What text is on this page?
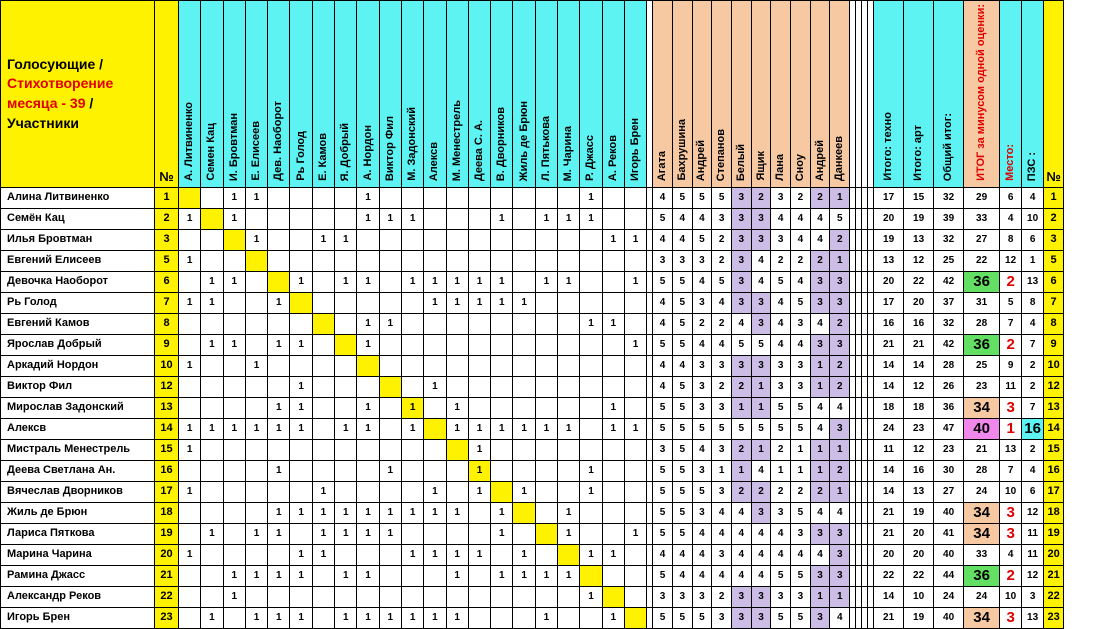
Голосующие / Стихотворение месяца - 39 / Участники	№	А. Литвиненко	Семен Кац	И. Бровтман	Е. Елисеев	Дев. Наоборот	Рь Голод	Е. Камов	Я. Добрый	А. Нордон	Виктор Фил	М. Задонский	Алексв	М. Менестрель	Деева С. А.	В. Дворников	Жиль де Брюн	Л. Пятькова	М. Чарина	Р. Джасс	А. Реков	Игорь Брен		Агата	Бахрушина	Андрей	Степанов	Белый	Ящик	Лана	Сноу	Андрей	Данкеев					Итого: техно	Итого: арт	Общий итог:	ИТОГ за минусом одной оценки:	Место:	ПЗС :	№
Алина Литвиненко	1			1	1					1										1				4	5	5	5	3	2	3	2	2	1					17	15	32	29	6	4	1
Семён Кац	2	1		1						1	1	1				1		1	1	1				5	4	4	3	3	3	4	4	4	5					20	19	39	33	4	10	2
Илья Бровтман	3				1			1	1												1	1		4	4	5	2	3	3	3	4	4	2					19	13	32	27	8	6	3
Евгений Елисеев	5	1																						3	3	3	2	3	4	2	2	2	1					13	12	25	22	12	1	5
Девочка Наоборот	6		1	1			1		1	1		1	1	1	1	1		1	1			1		5	5	4	5	3	4	5	4	3	3					20	22	42	36	2	13	6
Рь Голод	7	1	1			1							1	1	1	1	1							4	5	3	4	3	3	4	5	3	3					17	20	37	31	5	8	7
Евгений Камов	8									1	1									1	1			4	5	2	2	4	3	4	3	4	2					16	16	32	28	7	4	8
Ярослав Добрый	9		1	1		1	1			1												1		5	5	4	4	5	5	4	4	3	3					21	21	42	36	2	7	9
Аркадий Нордон	10	1			1																			4	4	3	3	3	3	3	3	1	2					14	14	28	25	9	2	10
Виктор Фил	12						1						1											4	5	3	2	2	1	3	3	1	2					14	12	26	23	11	2	12
Мирослав Задонский	13					1	1			1		1		1							1			5	5	3	3	1	1	5	5	4	4					18	18	36	34	3	7	13
Алексв	14	1	1	1	1	1	1		1	1		1		1	1	1	1	1	1		1	1		5	5	5	5	5	5	5	5	4	3					24	23	47	40	1	16	14
Мистраль Менестрель	15	1													1									3	5	4	3	2	1	2	1	1	1					11	12	23	21	13	2	15
Деева Светлана Ан.	16					1					1				1					1				5	5	3	1	1	4	1	1	1	2					14	16	30	28	7	4	16
Вячеслав Дворников	17	1						1					1		1		1			1				5	5	5	3	2	2	2	2	2	1					14	13	27	24	10	6	17
Жиль де Брюн	18					1	1	1	1	1	1	1	1	1		1			1					5	5	3	4	4	3	3	5	4	4					21	19	40	34	3	12	18
Лариса Пяткова	19		1		1	1		1	1	1	1					1			1			1		5	5	4	4	4	4	4	3	3	3					21	20	41	34	3	11	19
Марина Чарина	20	1					1	1				1	1	1	1		1			1	1			4	4	4	3	4	4	4	4	4	3					20	20	40	33	4	11	20
Рамина Джасс	21			1	1	1	1		1	1				1		1	1	1	1					5	4	4	4	4	4	5	5	3	3					22	22	44	36	2	12	21
Александр Реков	22			1																1				3	3	3	2	3	3	3	3	1	1					14	10	24	24	10	3	22
Игорь Брен	23		1		1	1	1		1	1	1	1	1	1				1			1			5	5	5	3	3	3	5	5	3	4					21	19	40	34	3	13	23
